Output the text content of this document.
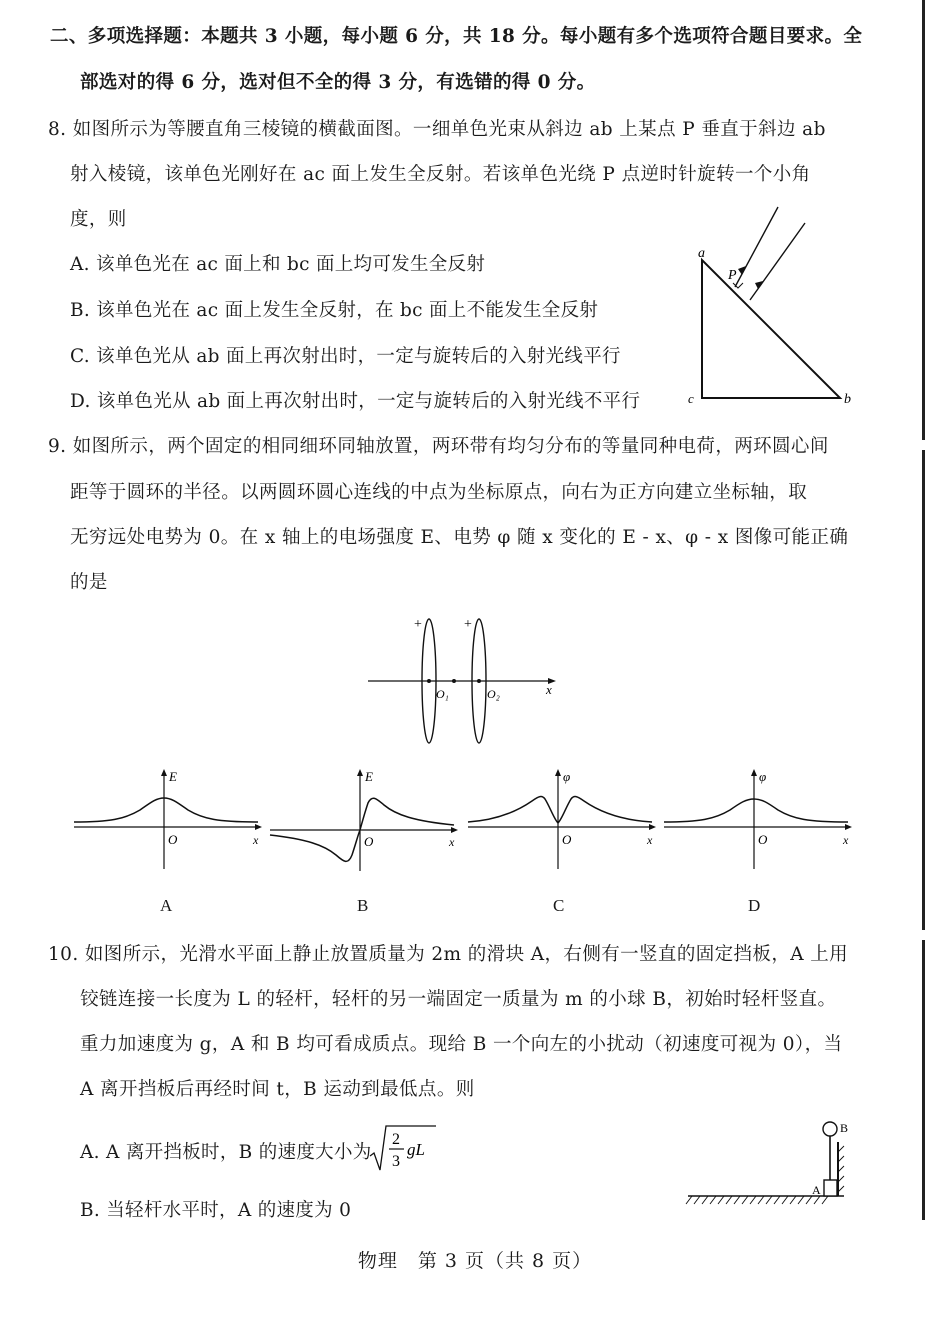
二、多项选择题：本题共 3 小题，每小题 6 分，共 18 分。每小题有多个选项符合题目要求。全
部选对的得 6 分，选对但不全的得 3 分，有选错的得 0 分。
8. 如图所示为等腰直角三棱镜的横截面图。一细单色光束从斜边 ab 上某点 P 垂直于斜边 ab
射入棱镜，该单色光刚好在 ac 面上发生全反射。若该单色光绕 P 点逆时针旋转一个小角
度，则
A. 该单色光在 ac 面上和 bc 面上均可发生全反射
B. 该单色光在 ac 面上发生全反射，在 bc 面上不能发生全反射
C. 该单色光从 ab 面上再次射出时，一定与旋转后的入射光线平行
D. 该单色光从 ab 面上再次射出时，一定与旋转后的入射光线不平行
a
P
c	b
9. 如图所示，两个固定的相同细环同轴放置，两环带有均匀分布的等量同种电荷，两环圆心间
距等于圆环的半径。以两圆环圆心连线的中点为坐标原点，向右为正方向建立坐标轴，取
无穷远处电势为 0。在 x 轴上的电场强度 E、电势 φ 随 x 变化的 E - x、φ - x 图像可能正确
的是
+	+
O₁	O₂	x
E
O	x
A
E
O	x
B
φ
O	x
C
φ
O	x
D
10. 如图所示，光滑水平面上静止放置质量为 2m 的滑块 A，右侧有一竖直的固定挡板，A 上用
铰链连接一长度为 L 的轻杆，轻杆的另一端固定一质量为 m 的小球 B，初始时轻杆竖直。
重力加速度为 g，A 和 B 均可看成质点。现给 B 一个向左的小扰动（初速度可视为 0），当
A 离开挡板后再经时间 t，B 运动到最低点。则
A. A 离开挡板时，B 的速度大小为
2
3
gL
B. 当轻杆水平时，A 的速度为 0
A
B
物理　第 3 页（共 8 页）
